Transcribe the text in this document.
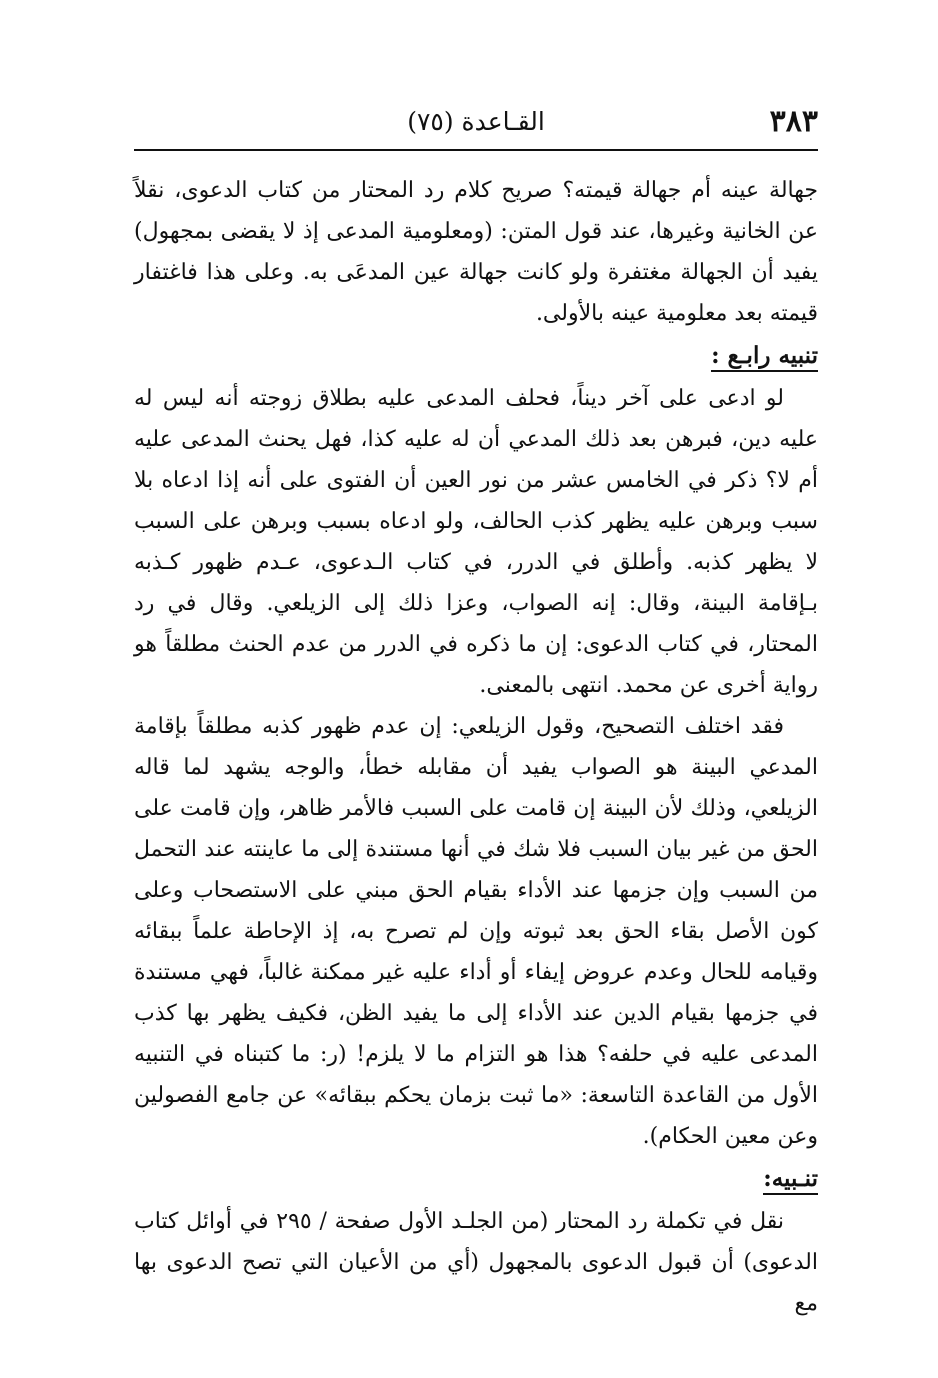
٣٨٣
القـاعدة (٧٥)

جهالة عينه أم جهالة قيمته؟ صريح كلام رد المحتار من كتاب الدعوى، نقلاً عن الخانية وغيرها، عند قول المتن: (ومعلومية المدعى إذ لا يقضى بمجهول) يفيد أن الجهالة مغتفرة ولو كانت جهالة عين المدعَى به. وعلى هذا فاغتفار قيمته بعد معلومية عينه بالأولى.

تنبيه رابـع :

لو ادعى على آخر ديناً، فحلف المدعى عليه بطلاق زوجته أنه ليس له عليه دين، فبرهن بعد ذلك المدعي أن له عليه كذا، فهل يحنث المدعى عليه أم لا؟ ذكر في الخامس عشر من نور العين أن الفتوى على أنه إذا ادعاه بلا سبب وبرهن عليه يظهر كذب الحالف، ولو ادعاه بسبب وبرهن على السبب لا يظهر كذبه. وأطلق في الدرر، في كتاب الـدعوى، عـدم ظهور كـذبه بـإقامة البينة، وقال: إنه الصواب، وعزا ذلك إلى الزيلعي. وقال في رد المحتار، في كتاب الدعوى: إن ما ذكره في الدرر من عدم الحنث مطلقاً هو رواية أخرى عن محمد. انتهى بالمعنى.

فقد اختلف التصحيح، وقول الزيلعي: إن عدم ظهور كذبه مطلقاً بإقامة المدعي البينة هو الصواب يفيد أن مقابله خطأ، والوجه يشهد لما قاله الزيلعي، وذلك لأن البينة إن قامت على السبب فالأمر ظاهر، وإن قامت على الحق من غير بيان السبب فلا شك في أنها مستندة إلى ما عاينته عند التحمل من السبب وإن جزمها عند الأداء بقيام الحق مبني على الاستصحاب وعلى كون الأصل بقاء الحق بعد ثبوته وإن لم تصرح به، إذ الإحاطة علماً ببقائه وقيامه للحال وعدم عروض إيفاء أو أداء عليه غير ممكنة غالباً، فهي مستندة في جزمها بقيام الدين عند الأداء إلى ما يفيد الظن، فكيف يظهر بها كذب المدعى عليه في حلفه؟ هذا هو التزام ما لا يلزم! (ر: ما كتبناه في التنبيه الأول من القاعدة التاسعة: «ما ثبت بزمان يحكم ببقائه» عن جامع الفصولين وعن معين الحكام).

تنـبيه:

نقل في تكملة رد المحتار (من الجلـد الأول صفحة / ٢٩٥ في أوائل كتاب الدعوى) أن قبول الدعوى بالمجهول (أي من الأعيان التي تصح الدعوى بها مع
